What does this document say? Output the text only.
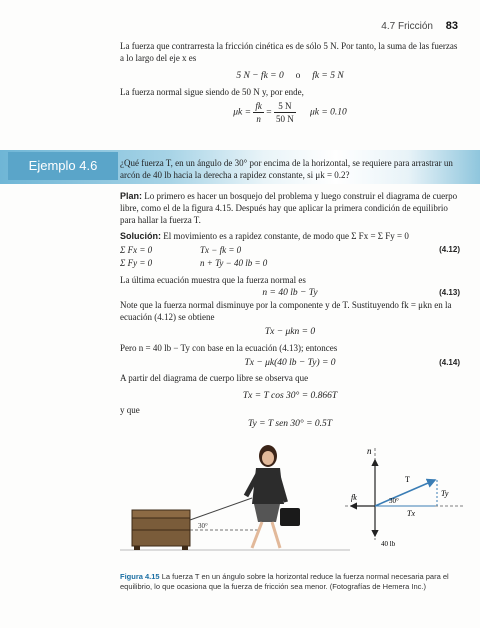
4.7 Fricción 83
La fuerza que contrarresta la fricción cinética es de sólo 5 N. Por tanto, la suma de las fuerzas a lo largo del eje x es
5 N − fk = 0 o fk = 5 N
La fuerza normal sigue siendo de 50 N y, por ende,
$\mu k = \frac{fk}{n} = \frac{5 N}{50 N}$ μk = 0.10
Ejemplo 4.6	¿Qué fuerza T, en un ángulo de 30° por encima de la horizontal, se requiere para arrastrar un arcón de 40 lb hacia la derecha a rapidez constante, si μk = 0.2?
Plan: Lo primero es hacer un bosquejo del problema y luego construir el diagrama de cuerpo libre, como el de la figura 4.15. Después hay que aplicar la primera condición de equilibrio para hallar la fuerza T.
Solución: El movimiento es a rapidez constante, de modo que Σ Fx = Σ Fy = 0
Σ Fx = 0	Tx − fk = 0
Σ Fy = 0	n + Ty − 40 lb = 0
(4.12)
La última ecuación muestra que la fuerza normal es
n = 40 lb − Ty	(4.13)
Note que la fuerza normal disminuye por la componente y de T. Sustituyendo fk = μkn en la ecuación (4.12) se obtiene
Tx − μkn = 0
Pero n = 40 lb − Ty con base en la ecuación (4.13); entonces
Tx − μk(40 lb − Ty) = 0	(4.14)
A partir del diagrama de cuerpo libre se observa que
Tx = T cos 30° = 0.866T
y que
Ty = T sen 30° = 0.5T
30°
n
T
Ty
Tx
fk	30°
40 lb
Figura 4.15 La fuerza T en un ángulo sobre la horizontal reduce la fuerza normal necesaria para el equilibrio, lo que ocasiona que la fuerza de fricción sea menor. (Fotografías de Hemera Inc.)
